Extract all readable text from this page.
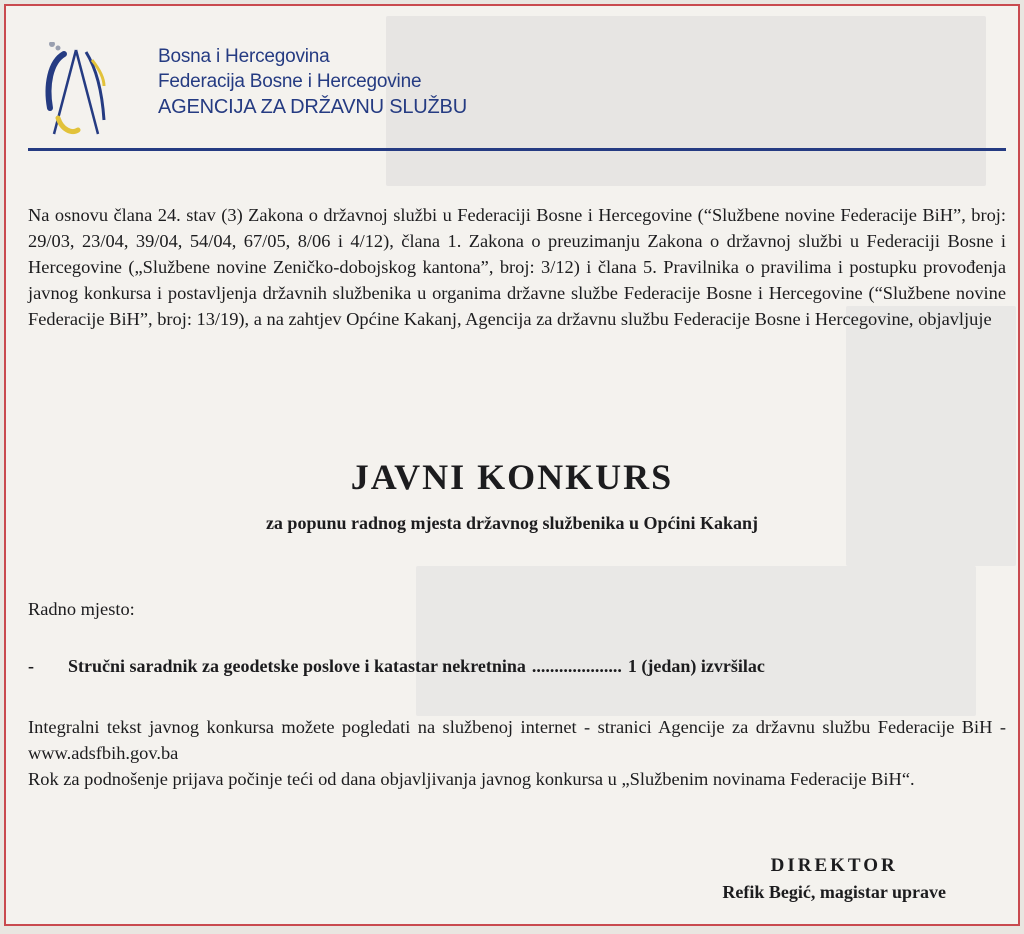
Bosna i Hercegovina
Federacija Bosne i Hercegovine
AGENCIJA ZA DRŽAVNU SLUŽBU
Na osnovu člana 24. stav (3) Zakona o državnoj službi u Federaciji Bosne i Hercegovine (“Službene novine Federacije BiH”, broj: 29/03, 23/04, 39/04, 54/04, 67/05, 8/06 i 4/12), člana 1. Zakona o preuzimanju Zakona o državnoj službi u Federaciji Bosne i Hercegovine („Službene novine Zeničko-dobojskog kantona”, broj: 3/12) i člana 5. Pravilnika o pravilima i postupku provođenja javnog konkursa i postavljenja državnih službenika u organima državne službe Federacije Bosne i Hercegovine (“Službene novine Federacije BiH”, broj: 13/19), a na zahtjev Općine Kakanj, Agencija za državnu službu Federacije Bosne i Hercegovine, objavljuje
JAVNI KONKURS
za popunu radnog mjesta državnog službenika u Općini Kakanj
Radno mjesto:
-	Stručni saradnik za geodetske poslove i katastar nekretnina .................... 1 (jedan) izvršilac

Integralni tekst javnog konkursa možete pogledati na službenoj internet - stranici Agencije za državnu službu Federacije BiH - www.adsfbih.gov.ba

Rok za podnošenje prijava počinje teći od dana objavljivanja javnog konkursa u „Službenim novinama Federacije BiH“.

DIREKTOR
Refik Begić, magistar uprave
